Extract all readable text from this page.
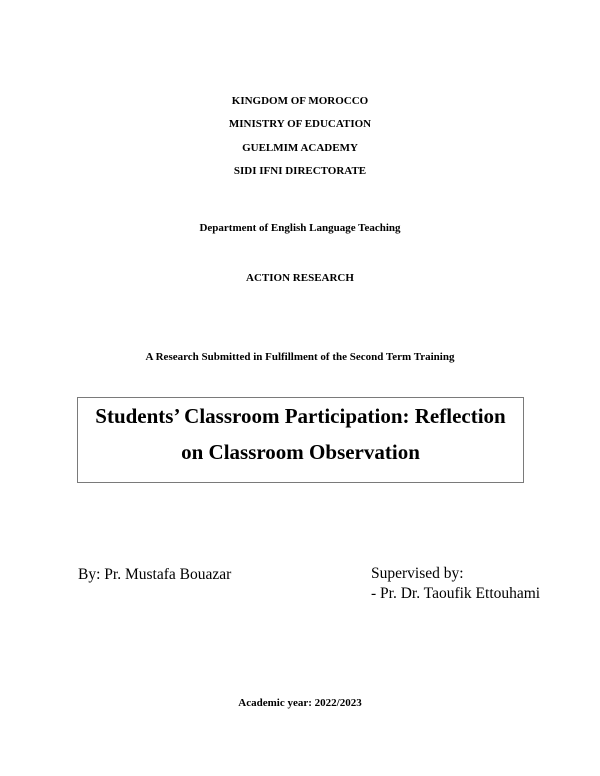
KINGDOM OF MOROCCO
MINISTRY OF EDUCATION
GUELMIM ACADEMY
SIDI IFNI DIRECTORATE
Department of English Language Teaching
ACTION RESEARCH
A Research Submitted in Fulfillment of the Second Term Training
Students’ Classroom Participation: Reflection
on Classroom Observation
By: Pr. Mustafa Bouazar	Supervised by:
- Pr. Dr. Taoufik Ettouhami
Academic year: 2022/2023
